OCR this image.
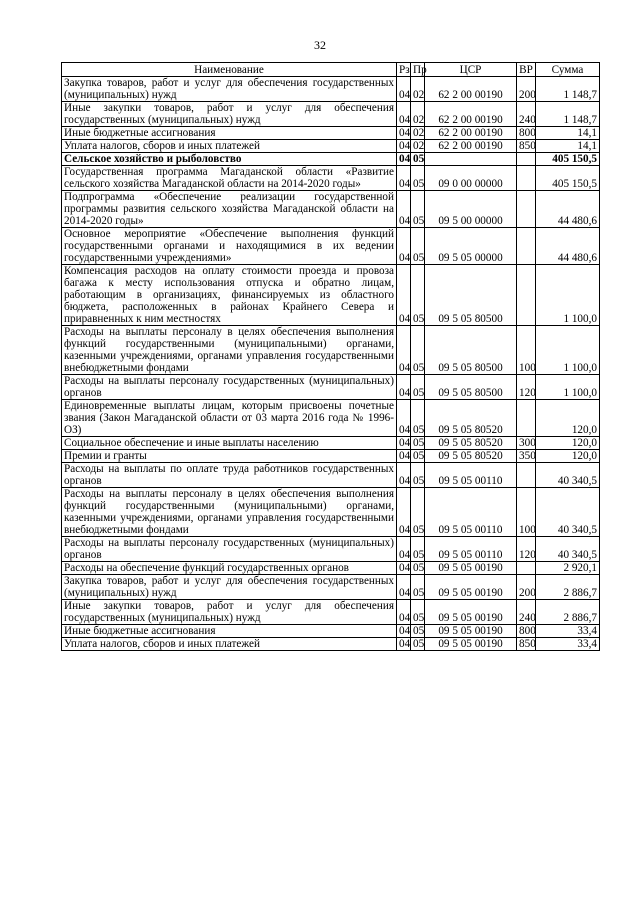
32
Наименование	Рз	Пр	ЦСР	ВР	Сумма
Закупка товаров, работ и услуг для обеспечения государственных (муниципальных) нужд	04	02	62 2 00 00190	200	1 148,7
Иные закупки товаров, работ и услуг для обеспечения государственных (муниципальных) нужд	04	02	62 2 00 00190	240	1 148,7
Иные бюджетные ассигнования	04	02	62 2 00 00190	800	14,1
Уплата налогов, сборов и иных платежей	04	02	62 2 00 00190	850	14,1
Сельское хозяйство и рыболовство	04	05			405 150,5
Государственная программа Магаданской области «Развитие сельского хозяйства Магаданской области на 2014-2020 годы»	04	05	09 0 00 00000		405 150,5
Подпрограмма «Обеспечение реализации государственной программы развития сельского хозяйства Магаданской области на 2014-2020 годы»	04	05	09 5 00 00000		44 480,6
Основное мероприятие «Обеспечение выполнения функций государственными органами и находящимися в их ведении государственными учреждениями»	04	05	09 5 05 00000		44 480,6
Компенсация расходов на оплату стоимости проезда и провоза багажа к месту использования отпуска и обратно лицам, работающим в организациях, финансируемых из областного бюджета, расположенных в районах Крайнего Севера и приравненных к ним местностях	04	05	09 5 05 80500		1 100,0
Расходы на выплаты персоналу в целях обеспечения выполнения функций государственными (муниципальными) органами, казенными учреждениями, органами управления государственными внебюджетными фондами	04	05	09 5 05 80500	100	1 100,0
Расходы на выплаты персоналу государственных (муниципальных) органов	04	05	09 5 05 80500	120	1 100,0
Единовременные выплаты лицам, которым присвоены почетные звания (Закон Магаданской области от 03 марта 2016 года № 1996-ОЗ)	04	05	09 5 05 80520		120,0
Социальное обеспечение и иные выплаты населению	04	05	09 5 05 80520	300	120,0
Премии и гранты	04	05	09 5 05 80520	350	120,0
Расходы на выплаты по оплате труда работников государственных органов	04	05	09 5 05 00110		40 340,5
Расходы на выплаты персоналу в целях обеспечения выполнения функций государственными (муниципальными) органами, казенными учреждениями, органами управления государственными внебюджетными фондами	04	05	09 5 05 00110	100	40 340,5
Расходы на выплаты персоналу государственных (муниципальных) органов	04	05	09 5 05 00110	120	40 340,5
Расходы на обеспечение функций государственных органов	04	05	09 5 05 00190		2 920,1
Закупка товаров, работ и услуг для обеспечения государственных (муниципальных) нужд	04	05	09 5 05 00190	200	2 886,7
Иные закупки товаров, работ и услуг для обеспечения государственных (муниципальных) нужд	04	05	09 5 05 00190	240	2 886,7
Иные бюджетные ассигнования	04	05	09 5 05 00190	800	33,4
Уплата налогов, сборов и иных платежей	04	05	09 5 05 00190	850	33,4
